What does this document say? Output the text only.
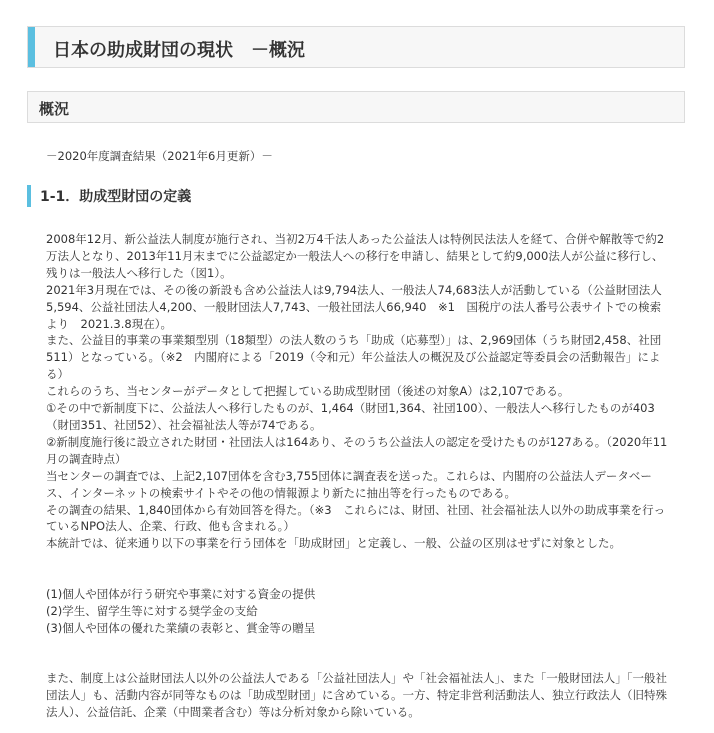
日本の助成財団の現状　－概況
概況
－2020年度調査結果（2021年6月更新）－
1-1．助成型財団の定義

2008年12月、新公益法人制度が施行され、当初2万4千法人あった公益法人は特例民法法人を経て、合併や解散等で約2万法人となり、2013年11月末までに公益認定か一般法人への移行を申請し、結果として約9,000法人が公益に移行し、残りは一般法人へ移行した（図1）。

2021年3月現在では、その後の新設も含め公益法人は9,794法人、一般法人74,683法人が活動している（公益財団法人5,594、公益社団法人4,200、一般財団法人7,743、一般社団法人66,940　※1　国税庁の法人番号公表サイトでの検索より　2021.3.8現在）。

また、公益目的事業の事業類型別（18類型）の法人数のうち「助成（応募型）」は、2,969団体（うち財団2,458、社団511）となっている。（※2　内閣府による「2019（令和元）年公益法人の概況及び公益認定等委員会の活動報告」による）

これらのうち、当センターがデータとして把握している助成型財団（後述の対象A）は2,107である。

①その中で新制度下に、公益法人へ移行したものが、1,464（財団1,364、社団100）、一般法人へ移行したものが403（財団351、社団52）、社会福祉法人等が74である。

②新制度施行後に設立された財団・社団法人は164あり、そのうち公益法人の認定を受けたものが127ある。（2020年11月の調査時点）

当センターの調査では、上記2,107団体を含む3,755団体に調査表を送った。これらは、内閣府の公益法人データベース、インターネットの検索サイトやその他の情報源より新たに抽出等を行ったものである。

その調査の結果、1,840団体から有効回答を得た。（※3　これらには、財団、社団、社会福祉法人以外の助成事業を行っているNPO法人、企業、行政、他も含まれる。）

本統計では、従来通り以下の事業を行う団体を「助成財団」と定義し、一般、公益の区別はせずに対象とした。

(1)個人や団体が行う研究や事業に対する資金の提供

(2)学生、留学生等に対する奨学金の支給

(3)個人や団体の優れた業績の表彰と、賞金等の贈呈

また、制度上は公益財団法人以外の公益法人である「公益社団法人」や「社会福祉法人」、また「一般財団法人」「一般社団法人」も、活動内容が同等なものは「助成型財団」に含めている。一方、特定非営利活動法人、独立行政法人（旧特殊法人）、公益信託、企業（中間業者含む）等は分析対象から除いている。
